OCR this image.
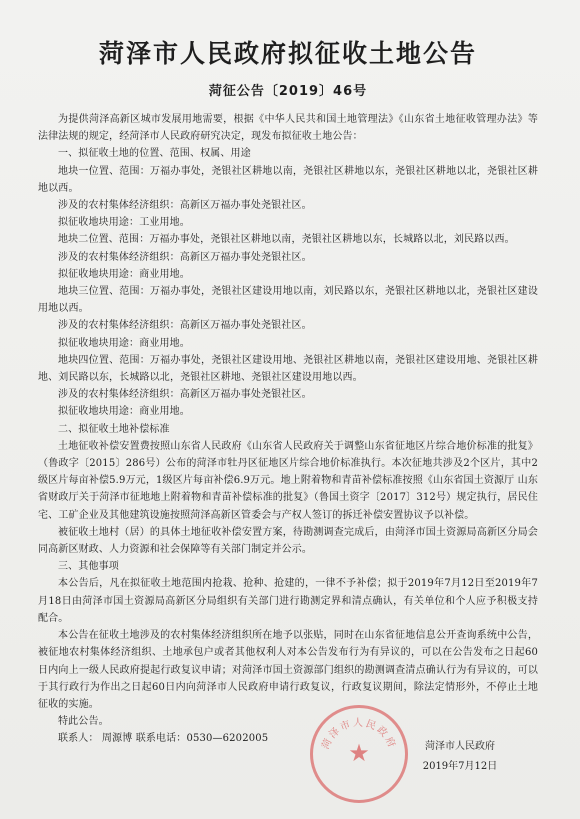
菏泽市人民政府拟征收土地公告
菏征公告〔2019〕46号

为提供菏泽高新区城市发展用地需要，根据《中华人民共和国土地管理法》《山东省土地征收管理办法》等法律法规的规定，经菏泽市人民政府研究决定，现发布拟征收土地公告：

一、拟征收土地的位置、范围、权属、用途

地块一位置、范围：万福办事处，尧银社区耕地以南，尧银社区耕地以东，尧银社区耕地以北，尧银社区耕地以西。

涉及的农村集体经济组织：高新区万福办事处尧银社区。

拟征收地块用途：工业用地。

地块二位置、范围：万福办事处，尧银社区耕地以南，尧银社区耕地以东，长城路以北，刘民路以西。

涉及的农村集体经济组织：高新区万福办事处尧银社区。

拟征收地块用途：商业用地。

地块三位置、范围：万福办事处，尧银社区建设用地以南，刘民路以东，尧银社区耕地以北，尧银社区建设用地以西。

涉及的农村集体经济组织：高新区万福办事处尧银社区。

拟征收地块用途：商业用地。

地块四位置、范围：万福办事处，尧银社区建设用地、尧银社区耕地以南，尧银社区建设用地、尧银社区耕地、刘民路以东，长城路以北，尧银社区耕地、尧银社区建设用地以西。

涉及的农村集体经济组织：高新区万福办事处尧银社区。

拟征收地块用途：商业用地。

二、拟征收土地补偿标准

土地征收补偿安置费按照山东省人民政府《山东省人民政府关于调整山东省征地区片综合地价标准的批复》（鲁政字〔2015〕286号）公布的菏泽市牡丹区征地区片综合地价标准执行。本次征地共涉及2个区片，其中2级区片每亩补偿5.9万元，1级区片每亩补偿6.9万元。地上附着物和青苗补偿标准按照《山东省国土资源厅 山东省财政厅关于菏泽市征地地上附着物和青苗补偿标准的批复》（鲁国土资字〔2017〕312号）规定执行，居民住宅、工矿企业及其他建筑设施按照菏泽高新区管委会与产权人签订的拆迁补偿安置协议予以补偿。

被征收土地村（居）的具体土地征收补偿安置方案，待勘测调查完成后，由菏泽市国土资源局高新区分局会同高新区财政、人力资源和社会保障等有关部门制定并公示。

三、其他事项

本公告后，凡在拟征收土地范围内抢栽、抢种、抢建的，一律不予补偿；拟于2019年7月12日至2019年7月18日由菏泽市国土资源局高新区分局组织有关部门进行勘测定界和清点确认，有关单位和个人应予积极支持配合。

本公告在征收土地涉及的农村集体经济组织所在地予以张贴，同时在山东省征地信息公开查询系统中公告，被征地农村集体经济组织、土地承包户或者其他权利人对本公告发布行为有异议的，可以在公告发布之日起60日内向上一级人民政府提起行政复议申请；对菏泽市国土资源部门组织的勘测调查清点确认行为有异议的，可以于其行政行为作出之日起60日内向菏泽市人民政府申请行政复议，行政复议期间，除法定情形外，不停止土地征收的实施。

特此公告。

联系人： 周源博 联系电话：0530—6202005	菏泽市人民政府
★	菏泽市人民政府
2019年7月12日
